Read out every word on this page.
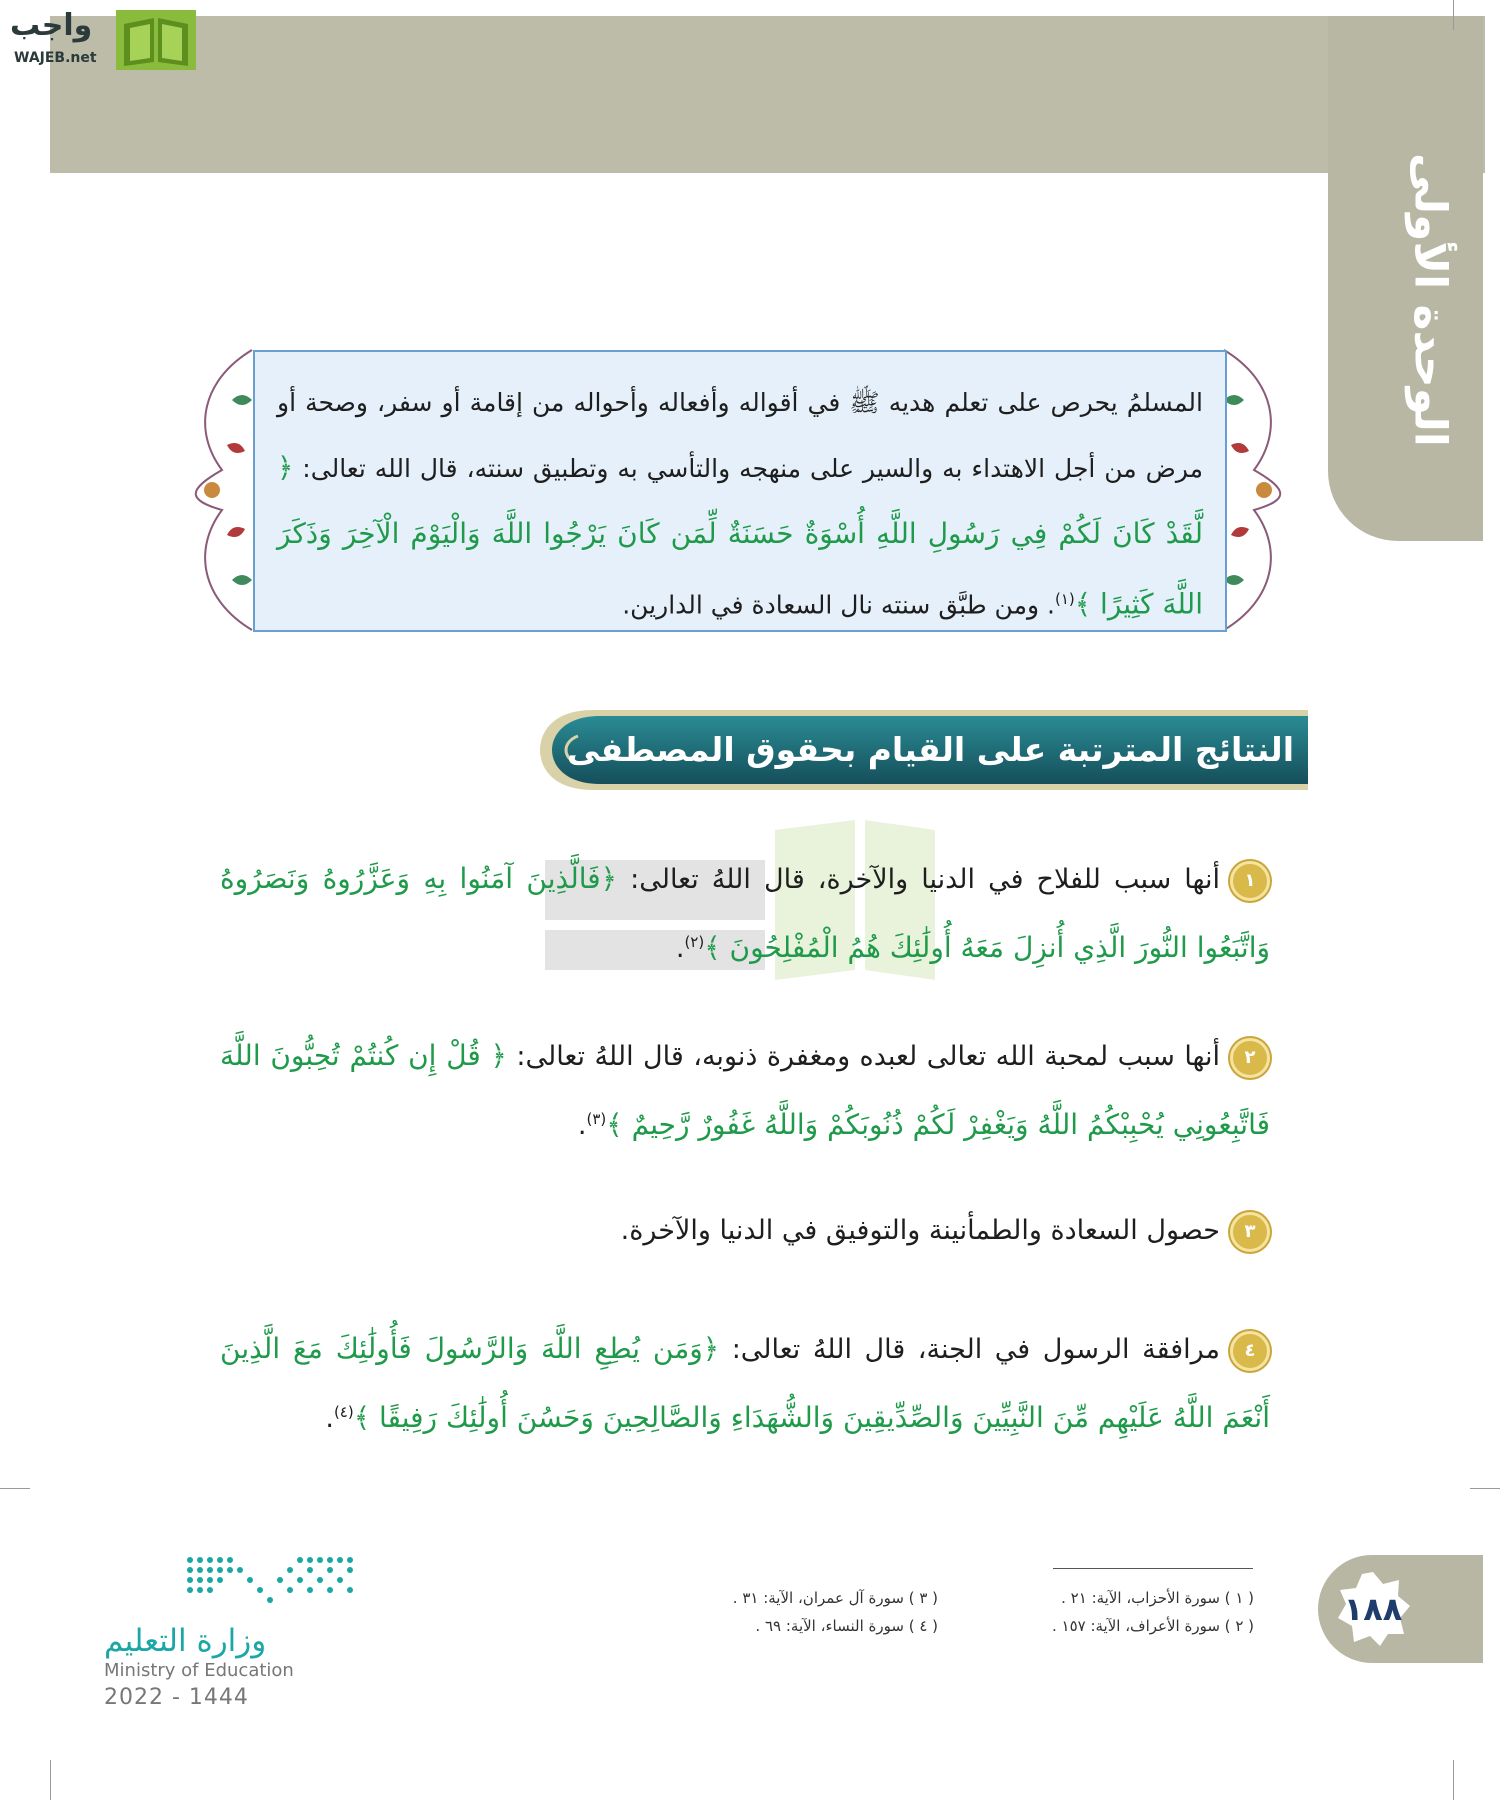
الوحدة الأولى
واجب
WAJEB.net
المسلمُ يحرص على تعلم هديه ﷺ في أقواله وأفعاله وأحواله من إقامة أو سفر، وصحة أو مرض من أجل الاهتداء به والسير على منهجه والتأسي به وتطبيق سنته، قال الله تعالى: ﴿ لَّقَدْ كَانَ لَكُمْ فِي رَسُولِ اللَّهِ أُسْوَةٌ حَسَنَةٌ لِّمَن كَانَ يَرْجُوا اللَّهَ وَالْيَوْمَ الْآخِرَ وَذَكَرَ اللَّهَ كَثِيرًا ﴾$^{(١)}$. ومن طبَّق سنته نال السعادة في الدارين.
النتائج المترتبة على القيام بحقوق المصطفى ﷺ
١أنها سبب للفلاح في الدنيا والآخرة، قال اللهُ تعالى: ﴿فَالَّذِينَ آمَنُوا بِهِ وَعَزَّرُوهُ وَنَصَرُوهُ وَاتَّبَعُوا النُّورَ الَّذِي أُنزِلَ مَعَهُ أُولَٰئِكَ هُمُ الْمُفْلِحُونَ ﴾$^{(٢)}$.
٢أنها سبب لمحبة الله تعالى لعبده ومغفرة ذنوبه، قال اللهُ تعالى: ﴿ قُلْ إِن كُنتُمْ تُحِبُّونَ اللَّهَ فَاتَّبِعُونِي يُحْبِبْكُمُ اللَّهُ وَيَغْفِرْ لَكُمْ ذُنُوبَكُمْ وَاللَّهُ غَفُورٌ رَّحِيمٌ ﴾$^{(٣)}$.
٣حصول السعادة والطمأنينة والتوفيق في الدنيا والآخرة.
٤مرافقة الرسول في الجنة، قال اللهُ تعالى: ﴿وَمَن يُطِعِ اللَّهَ وَالرَّسُولَ فَأُولَٰئِكَ مَعَ الَّذِينَ أَنْعَمَ اللَّهُ عَلَيْهِم مِّنَ النَّبِيِّينَ وَالصِّدِّيقِينَ وَالشُّهَدَاءِ وَالصَّالِحِينَ وَحَسُنَ أُولَٰئِكَ رَفِيقًا ﴾$^{(٤)}$.
( ١ ) سورة الأحزاب، الآية: ٢١ .
( ٢ ) سورة الأعراف، الآية: ١٥٧ .
( ٣ ) سورة آل عمران، الآية: ٣١ .
( ٤ ) سورة النساء، الآية: ٦٩ .	١٨٨
وزارة التعليم
Ministry of Education
2022 - 1444
